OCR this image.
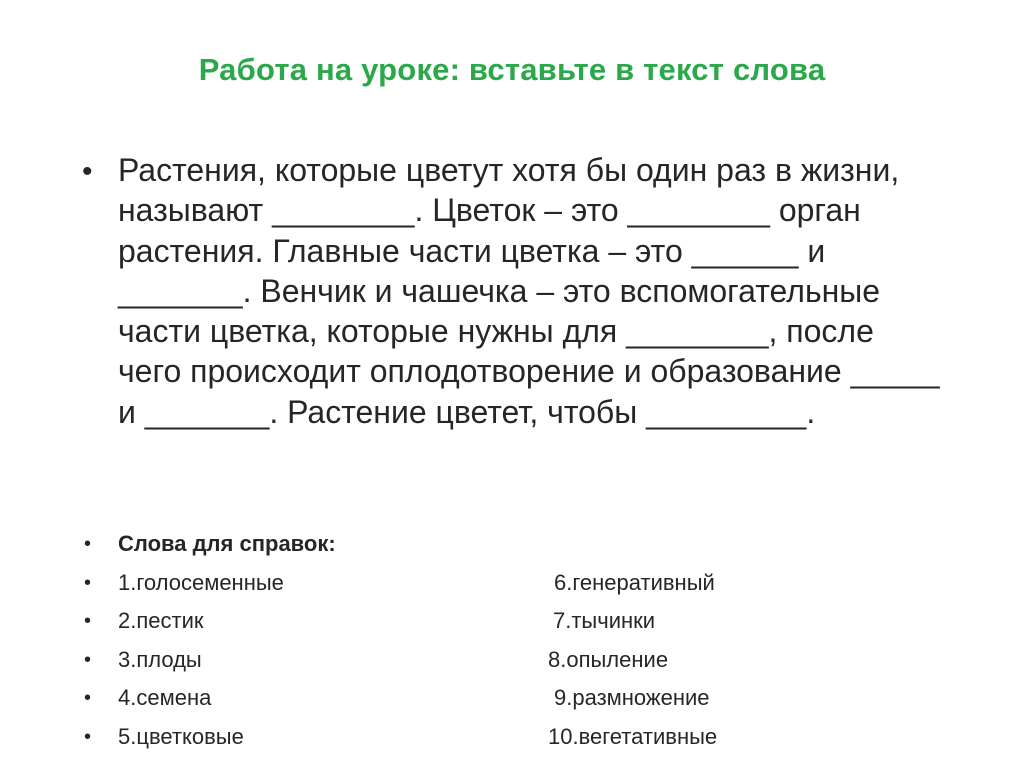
Работа на уроке: вставьте в текст слова
• Растения, которые цветут хотя бы один раз в жизни, называют ________. Цветок – это ________ орган растения. Главные части цветка – это ______ и _______. Венчик и чашечка – это вспомогательные части цветка, которые нужны для ________, после чего происходит оплодотворение и образование _____ и _______. Растение цветет, чтобы _________.
• Слова для справок:
• 1.голосеменные	6.генеративный
• 2.пестик	7.тычинки
• 3.плоды	8.опыление
• 4.семена	9.размножение
• 5.цветковые	10.вегетативные
